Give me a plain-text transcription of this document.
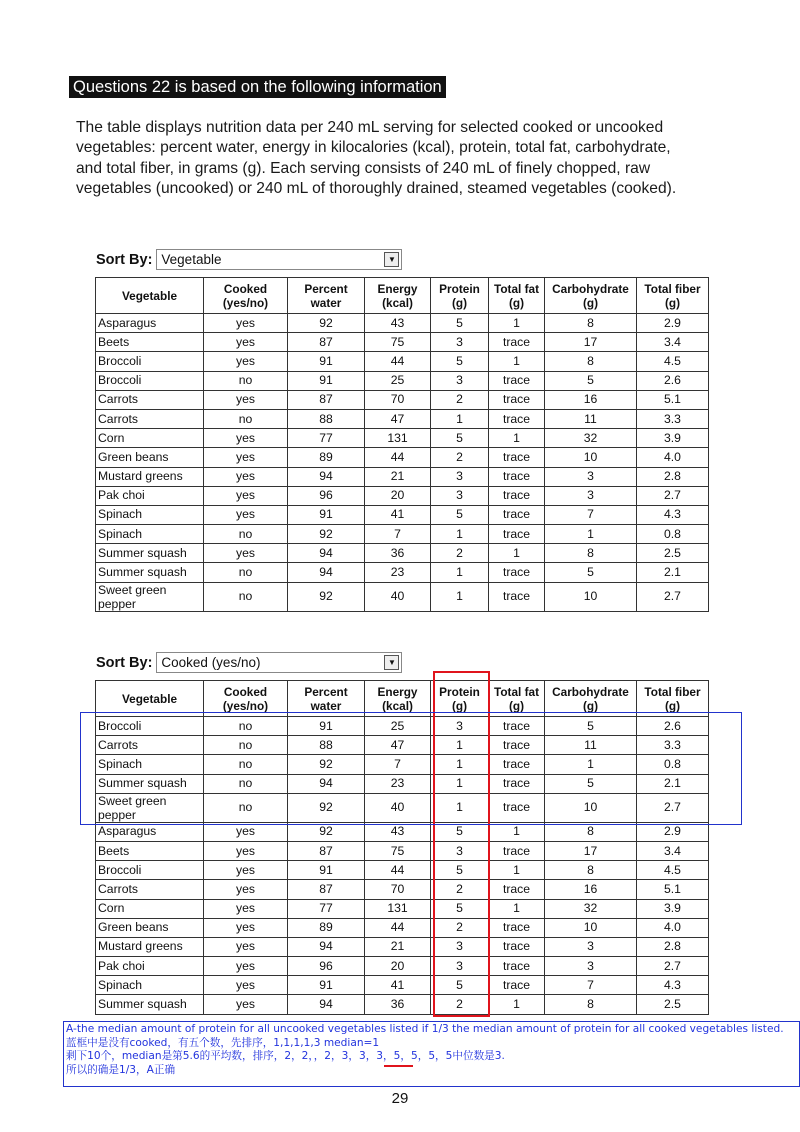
Questions 22 is based on the following information

The table displays nutrition data per 240 mL serving for selected cooked or uncooked vegetables: percent water, energy in kilocalories (kcal), protein, total fat, carbohydrate, and total fiber, in grams (g). Each serving consists of 240 mL of finely chopped, raw vegetables (uncooked) or 240 mL of thoroughly drained, steamed vegetables (cooked).

Sort By: Vegetable	▼
Vegetable	Cooked (yes/no)	Percent water	Energy (kcal)	Protein (g)	Total fat (g)	Carbohydrate (g)	Total fiber (g)
Asparagus	yes	92	43	5	1	8	2.9
Beets	yes	87	75	3	trace	17	3.4
Broccoli	yes	91	44	5	1	8	4.5
Broccoli	no	91	25	3	trace	5	2.6
Carrots	yes	87	70	2	trace	16	5.1
Carrots	no	88	47	1	trace	11	3.3
Corn	yes	77	131	5	1	32	3.9
Green beans	yes	89	44	2	trace	10	4.0
Mustard greens	yes	94	21	3	trace	3	2.8
Pak choi	yes	96	20	3	trace	3	2.7
Spinach	yes	91	41	5	trace	7	4.3
Spinach	no	92	7	1	trace	1	0.8
Summer squash	yes	94	36	2	1	8	2.5
Summer squash	no	94	23	1	trace	5	2.1
Sweet green pepper	no	92	40	1	trace	10	2.7
Sort By: Cooked (yes/no)	▼
Vegetable	Cooked (yes/no)	Percent water	Energy (kcal)	Protein (g)	Total fat (g)	Carbohydrate (g)	Total fiber (g)
Broccoli	no	91	25	3	trace	5	2.6
Carrots	no	88	47	1	trace	11	3.3
Spinach	no	92	7	1	trace	1	0.8
Summer squash	no	94	23	1	trace	5	2.1
Sweet green pepper	no	92	40	1	trace	10	2.7
Asparagus	yes	92	43	5	1	8	2.9
Beets	yes	87	75	3	trace	17	3.4
Broccoli	yes	91	44	5	1	8	4.5
Carrots	yes	87	70	2	trace	16	5.1
Corn	yes	77	131	5	1	32	3.9
Green beans	yes	89	44	2	trace	10	4.0
Mustard greens	yes	94	21	3	trace	3	2.8
Pak choi	yes	96	20	3	trace	3	2.7
Spinach	yes	91	41	5	trace	7	4.3
Summer squash	yes	94	36	2	1	8	2.5
A-the median amount of protein for all uncooked vegetables listed if 1/3 the median amount of protein for all cooked vegetables listed.
蓝框中是没有cooked，有五个数，先排序，1,1,1,1,3 median=1
剩下10个，median是第5.6的平均数，排序，2，2，，2，3，3，3，5，5，5，5中位数是3.
所以的确是1/3，A正确
29
